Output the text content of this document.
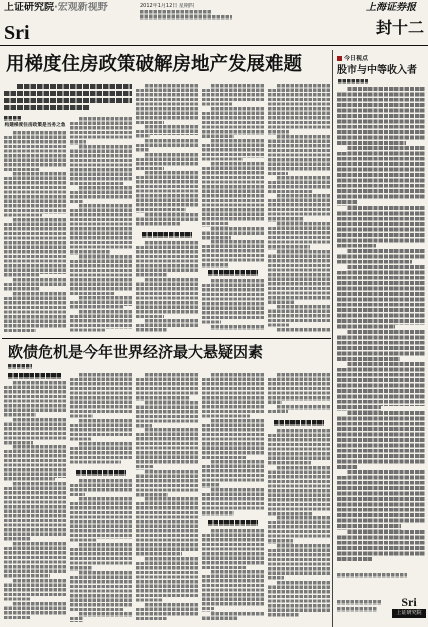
上证研究院·宏观新视野	2012年1月12日 星期四
Sri
上海证券报
封十二
用梯度住房政策破解房地产发展难题
构建梯度住房政策是当务之急
欧债危机是今年世界经济最大悬疑因素
今日视点
股市与中等收入者
Sri
上证研究院
